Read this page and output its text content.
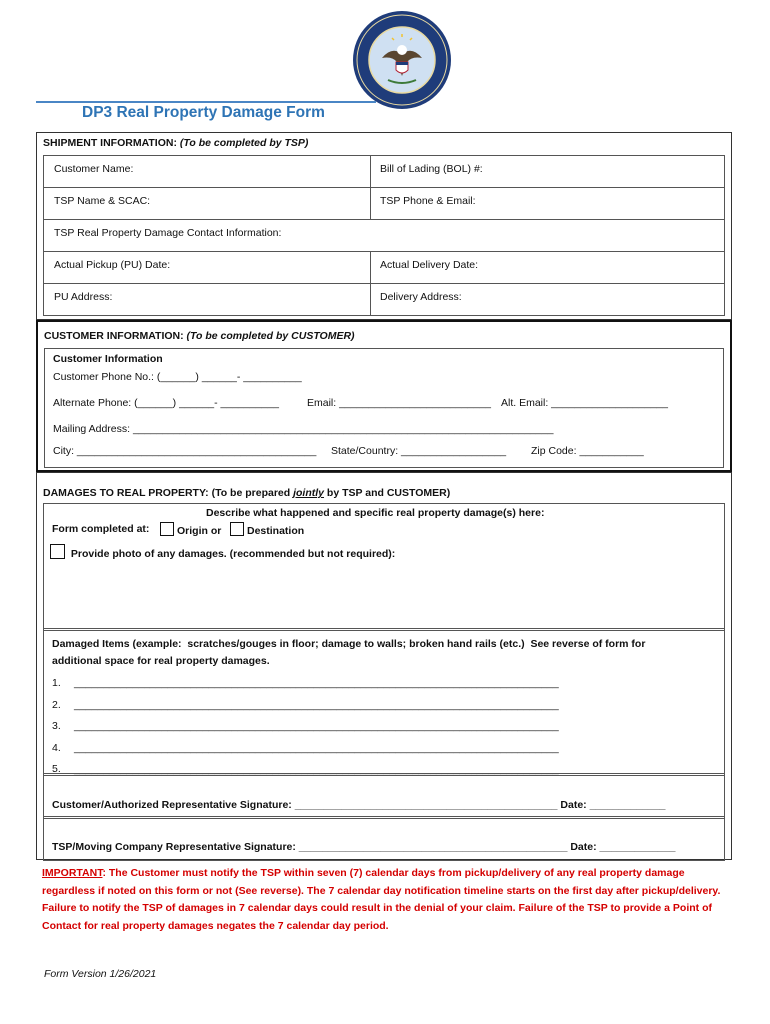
DP3 Real Property Damage Form
SHIPMENT INFORMATION: (To be completed by TSP)
Customer Name:	Bill of Lading (BOL) #:
TSP Name & SCAC:	TSP Phone & Email:
TSP Real Property Damage Contact Information:
Actual Pickup (PU) Date:	Actual Delivery Date:
PU Address:	Delivery Address:
CUSTOMER INFORMATION: (To be completed by CUSTOMER)
Customer Information
Customer Phone No.: (______) ______- __________
Alternate Phone: (______) ______- __________	Email: __________________________ Alt. Email: ____________________
Mailing Address: ________________________________________________________________________
City: _________________________________________ State/Country: __________________ Zip Code: ___________
DAMAGES TO REAL PROPERTY: (To be prepared jointly by TSP and CUSTOMER)
Describe what happened and specific real property damage(s) here:
Form completed at:	Origin or	Destination
Provide photo of any damages. (recommended but not required):
Damaged Items (example:  scratches/gouges in floor; damage to walls; broken hand rails (etc.)  See reverse of form for
additional space for real property damages.
1. ___________________________________________________________________________________
2. ___________________________________________________________________________________
3. ___________________________________________________________________________________
4. ___________________________________________________________________________________
5. ___________________________________________________________________________________
Customer/Authorized Representative Signature: _____________________________________________ Date: _____________
TSP/Moving Company Representative Signature: ______________________________________________ Date: _____________
IMPORTANT: The Customer must notify the TSP within seven (7) calendar days from pickup/delivery of any real property damage regardless if noted on this form or not (See reverse). The 7 calendar day notification timeline starts on the first day after pickup/delivery. Failure to notify the TSP of damages in 7 calendar days could result in the denial of your claim. Failure of the TSP to provide a Point of Contact for real property damages negates the 7 calendar day period.
Form Version 1/26/2021
